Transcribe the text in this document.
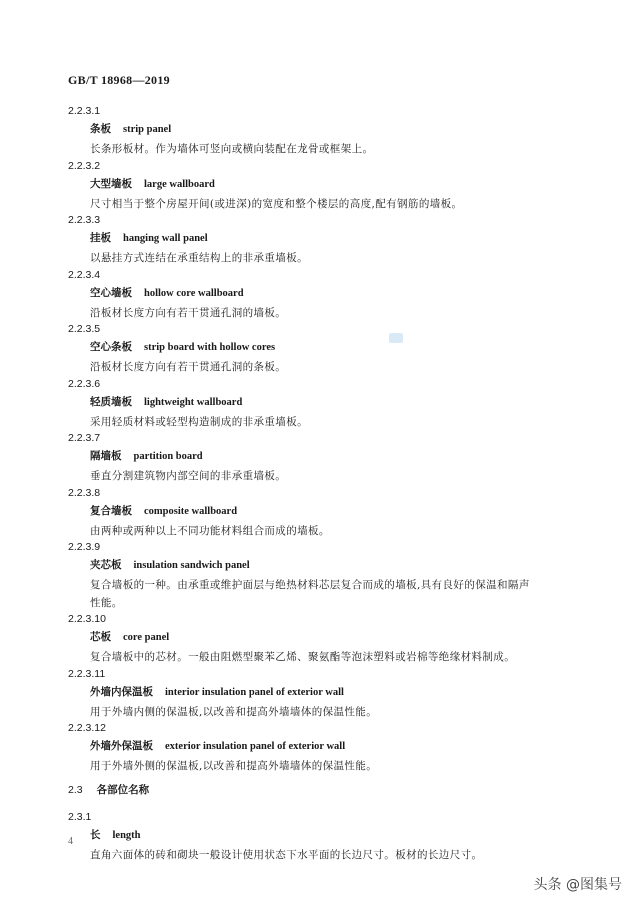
GB/T 18968—2019
2.2.3.1
条板 strip panel
长条形板材。作为墙体可竖向或横向装配在龙骨或框架上。
2.2.3.2
大型墙板 large wallboard
尺寸相当于整个房屋开间(或进深)的宽度和整个楼层的高度,配有钢筋的墙板。
2.2.3.3
挂板 hanging wall panel
以悬挂方式连结在承重结构上的非承重墙板。
2.2.3.4
空心墙板 hollow core wallboard
沿板材长度方向有若干贯通孔洞的墙板。
2.2.3.5
空心条板 strip board with hollow cores
沿板材长度方向有若干贯通孔洞的条板。
2.2.3.6
轻质墙板 lightweight wallboard
采用轻质材料或轻型构造制成的非承重墙板。
2.2.3.7
隔墙板 partition board
垂直分割建筑物内部空间的非承重墙板。
2.2.3.8
复合墙板 composite wallboard
由两种或两种以上不同功能材料组合而成的墙板。
2.2.3.9
夹芯板 insulation sandwich panel
复合墙板的一种。由承重或维护面层与绝热材料芯层复合而成的墙板,具有良好的保温和隔声
性能。
2.2.3.10
芯板 core panel
复合墙板中的芯材。一般由阻燃型聚苯乙烯、聚氨酯等泡沫塑料或岩棉等绝缘材料制成。
2.2.3.11
外墙内保温板 interior insulation panel of exterior wall
用于外墙内侧的保温板,以改善和提高外墙墙体的保温性能。
2.2.3.12
外墙外保温板 exterior insulation panel of exterior wall
用于外墙外侧的保温板,以改善和提高外墙墙体的保温性能。
2.3 各部位名称
2.3.1
长 length
直角六面体的砖和砌块一般设计使用状态下水平面的长边尺寸。板材的长边尺寸。
4
头条 @图集号
